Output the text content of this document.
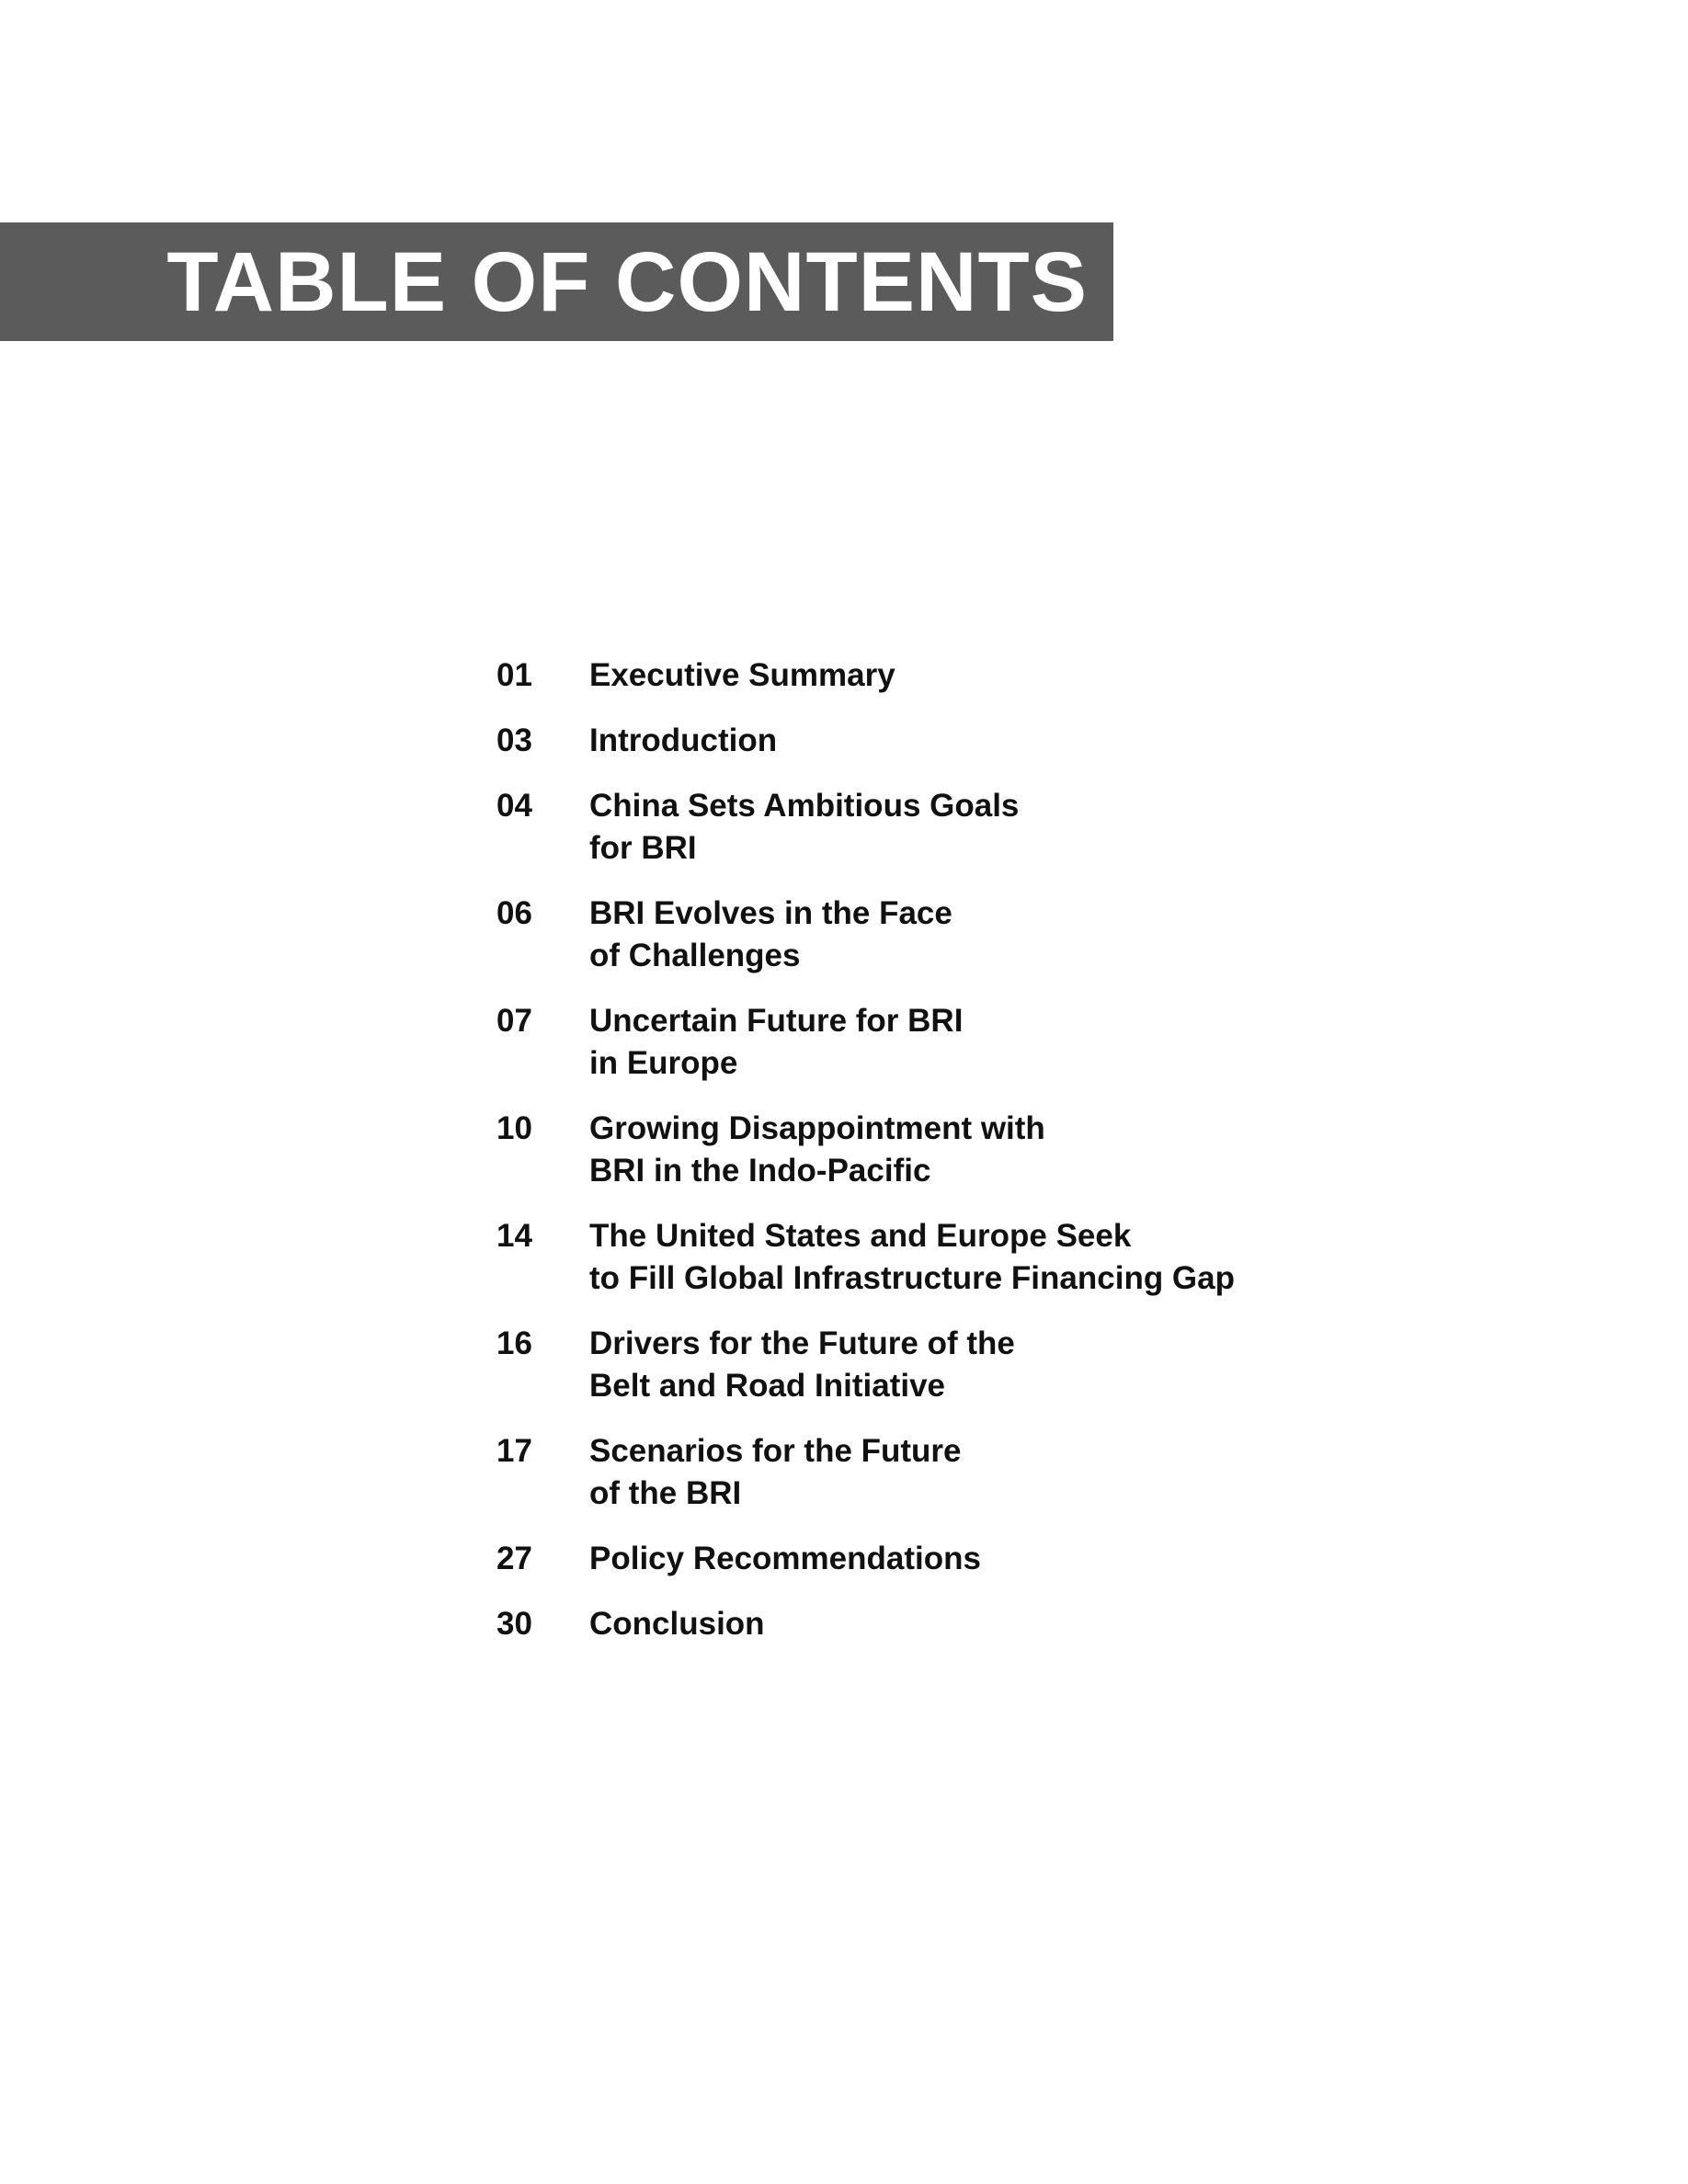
TABLE OF CONTENTS
01	Executive Summary
03	Introduction
04	China Sets Ambitious Goals
for BRI
06	BRI Evolves in the Face
of Challenges
07	Uncertain Future for BRI
in Europe
10	Growing Disappointment with
BRI in the Indo-Pacific
14	The United States and Europe Seek
to Fill Global Infrastructure Financing Gap
16	Drivers for the Future of the
Belt and Road Initiative
17	Scenarios for the Future
of the BRI
27	Policy Recommendations
30	Conclusion
